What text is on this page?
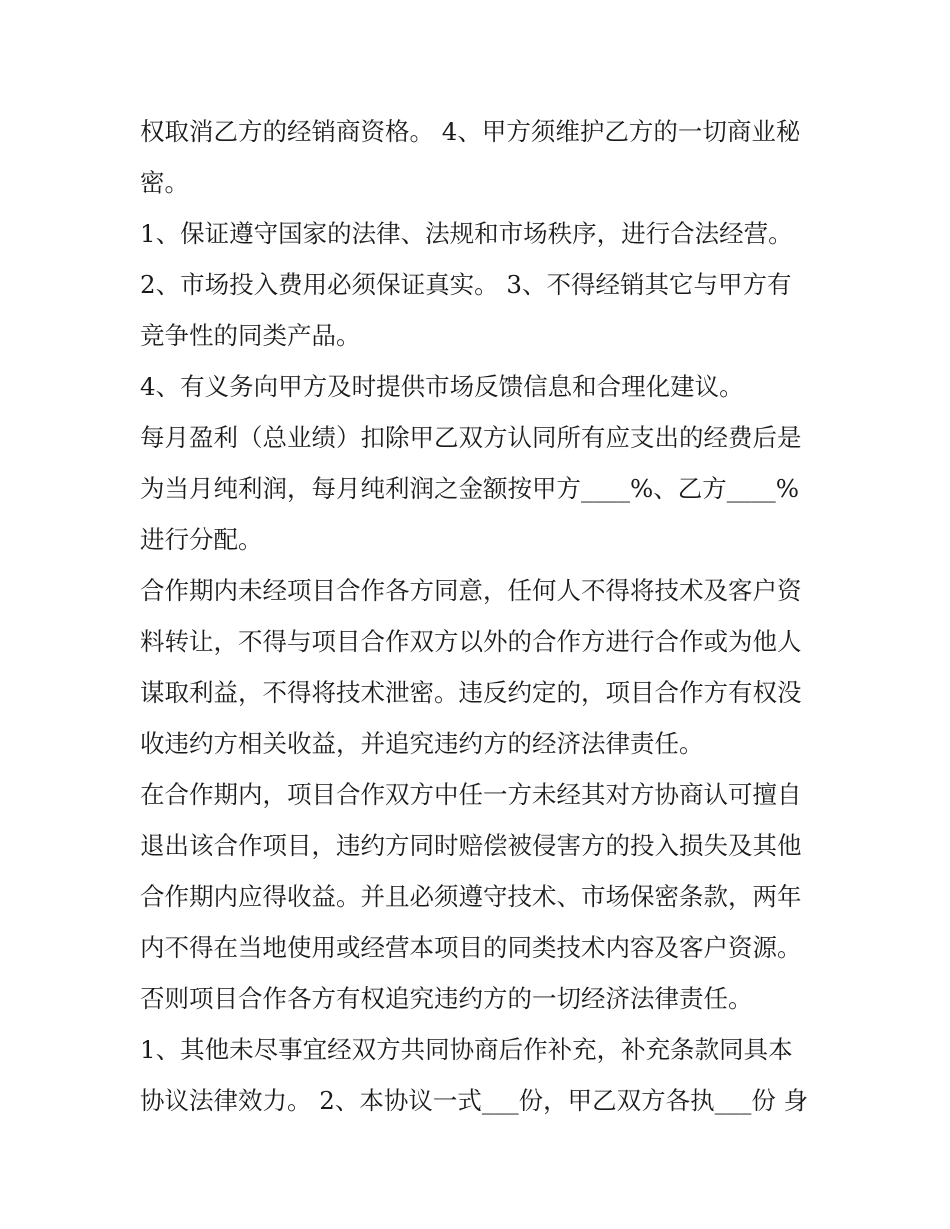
权取消乙方的经销商资格。 4、甲方须维护乙方的一切商业秘
密。
1、保证遵守国家的法律、法规和市场秩序，进行合法经营。
2、市场投入费用必须保证真实。 3、不得经销其它与甲方有
竞争性的同类产品。
4、有义务向甲方及时提供市场反馈信息和合理化建议。
每月盈利（总业绩）扣除甲乙双方认同所有应支出的经费后是
为当月纯利润，每月纯利润之金额按甲方____%、乙方____%
进行分配。
合作期内未经项目合作各方同意，任何人不得将技术及客户资
料转让，不得与项目合作双方以外的合作方进行合作或为他人
谋取利益，不得将技术泄密。违反约定的，项目合作方有权没
收违约方相关收益，并追究违约方的经济法律责任。
在合作期内，项目合作双方中任一方未经其对方协商认可擅自
退出该合作项目，违约方同时赔偿被侵害方的投入损失及其他
合作期内应得收益。并且必须遵守技术、市场保密条款，两年
内不得在当地使用或经营本项目的同类技术内容及客户资源。
否则项目合作各方有权追究违约方的一切经济法律责任。
1、其他未尽事宜经双方共同协商后作补充，补充条款同具本
协议法律效力。 2、本协议一式___份，甲乙双方各执___份 身
